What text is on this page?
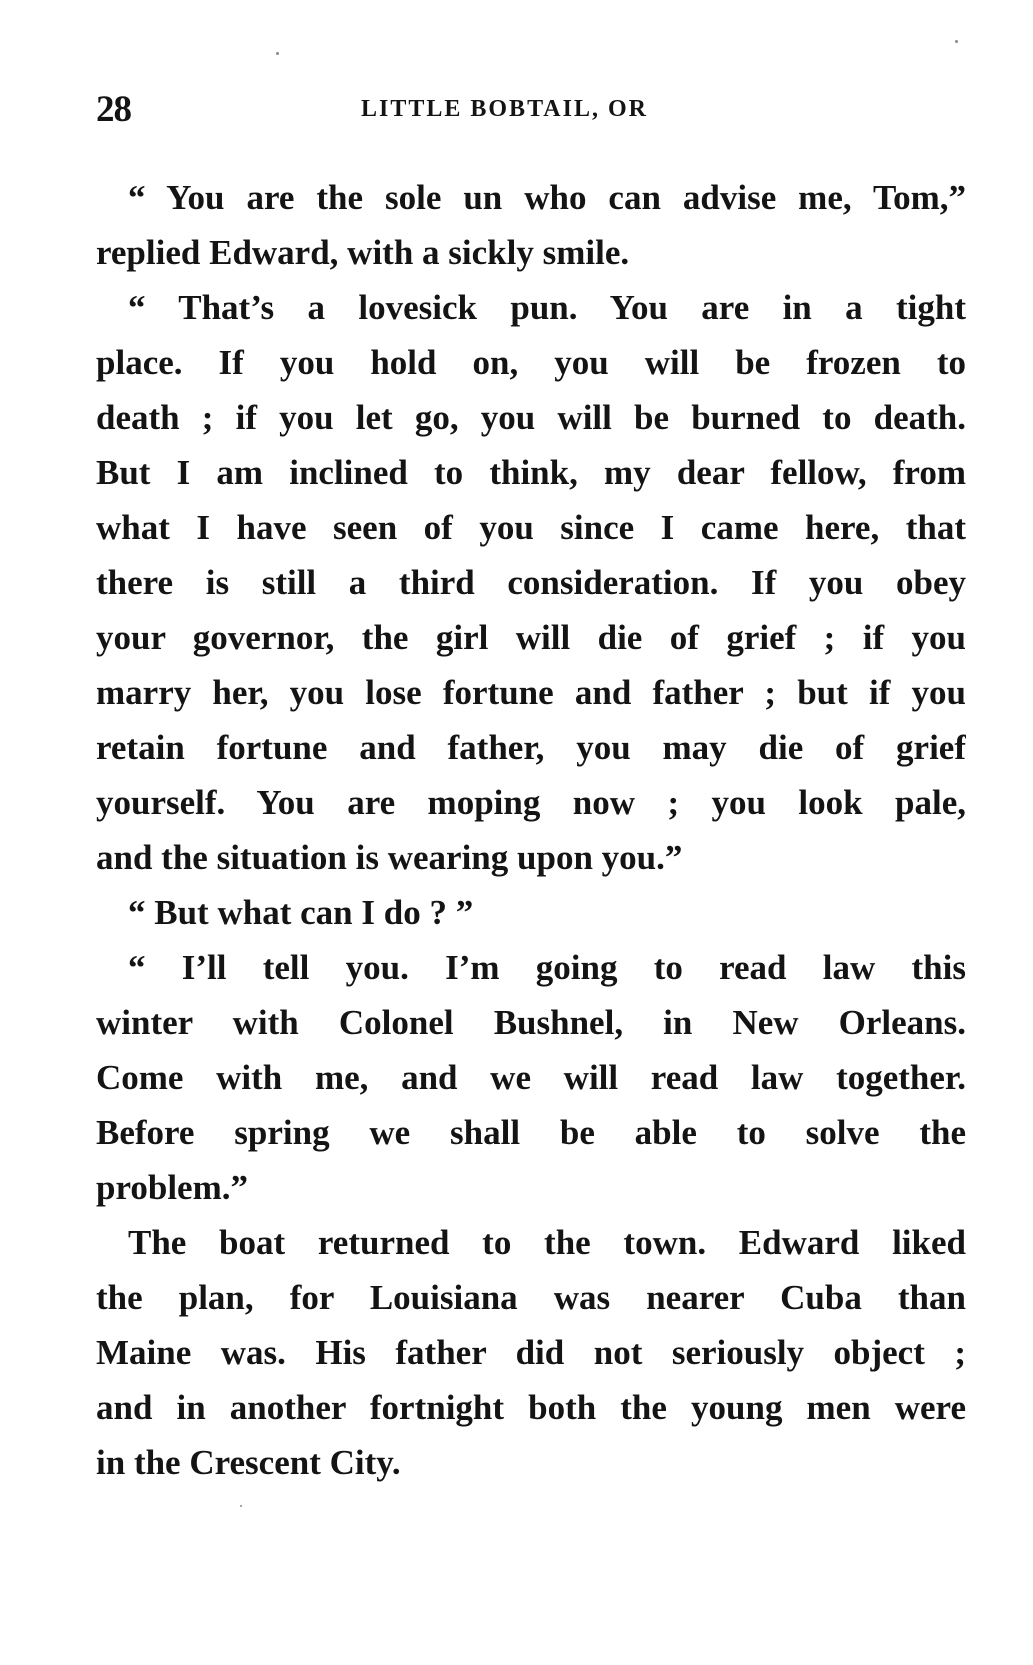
28	LITTLE BOBTAIL, OR
“ You are the sole un who can advise me, Tom,”
replied Edward, with a sickly smile.
“ That’s a lovesick pun. You are in a tight
place. If you hold on, you will be frozen to
death ; if you let go, you will be burned to death.
But I am inclined to think, my dear fellow, from
what I have seen of you since I came here, that
there is still a third consideration. If you obey
your governor, the girl will die of grief ; if you
marry her, you lose fortune and father ; but if you
retain fortune and father, you may die of grief
yourself. You are moping now ; you look pale,
and the situation is wearing upon you.”
“ But what can I do ? ”
“ I’ll tell you. I’m going to read law this
winter with Colonel Bushnel, in New Orleans.
Come with me, and we will read law together.
Before spring we shall be able to solve the
problem.”
The boat returned to the town. Edward liked
the plan, for Louisiana was nearer Cuba than
Maine was. His father did not seriously object ;
and in another fortnight both the young men were
in the Crescent City.
